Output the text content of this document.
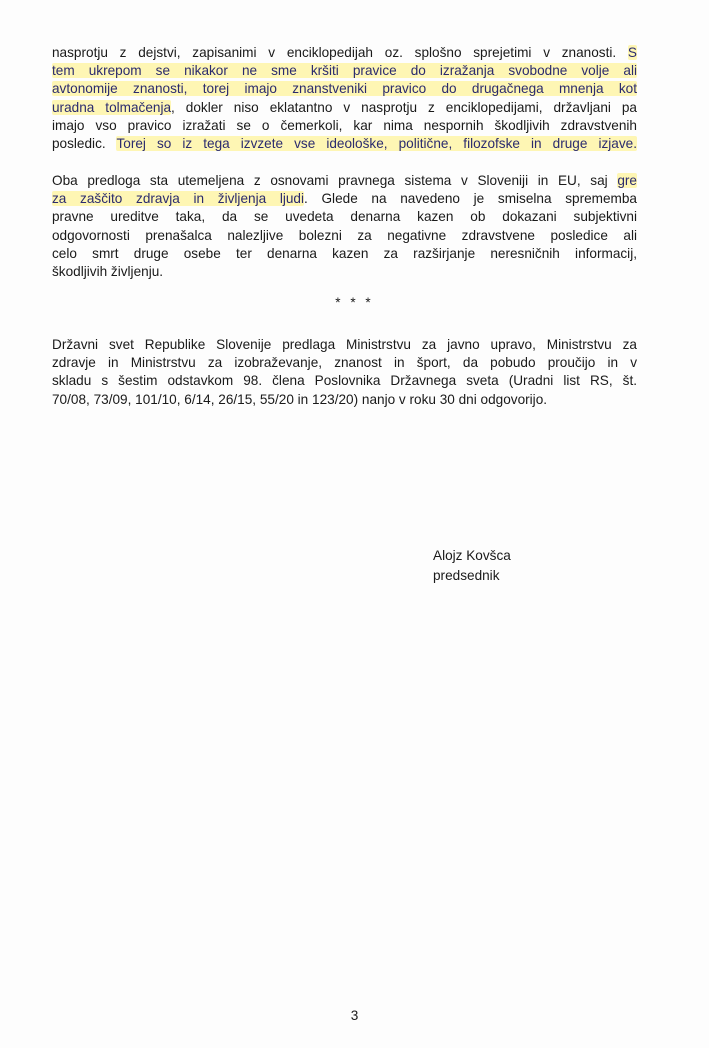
nasprotju z dejstvi, zapisanimi v enciklopedijah oz. splošno sprejetimi v znanosti. S
tem ukrepom se nikakor ne sme kršiti pravice do izražanja svobodne volje ali
avtonomije znanosti, torej imajo znanstveniki pravico do drugačnega mnenja kot
uradna tolmačenja, dokler niso eklatantno v nasprotju z enciklopedijami, državljani pa
imajo vso pravico izražati se o čemerkoli, kar nima nespornih škodljivih zdravstvenih
posledic. Torej so iz tega izvzete vse ideološke, politične, filozofske in druge izjave.
Oba predloga sta utemeljena z osnovami pravnega sistema v Sloveniji in EU, saj gre
za zaščito zdravja in življenja ljudi. Glede na navedeno je smiselna sprememba
pravne ureditve taka, da se uvedeta denarna kazen ob dokazani subjektivni
odgovornosti prenašalca nalezljive bolezni za negativne zdravstvene posledice ali
celo smrt druge osebe ter denarna kazen za razširjanje neresničnih informacij,
škodljivih življenju.
* * *
Državni svet Republike Slovenije predlaga Ministrstvu za javno upravo, Ministrstvu za
zdravje in Ministrstvu za izobraževanje, znanost in šport, da pobudo proučijo in v
skladu s šestim odstavkom 98. člena Poslovnika Državnega sveta (Uradni list RS, št.
70/08, 73/09, 101/10, 6/14, 26/15, 55/20 in 123/20) nanjo v roku 30 dni odgovorijo.
Alojz Kovšca
predsednik
3
